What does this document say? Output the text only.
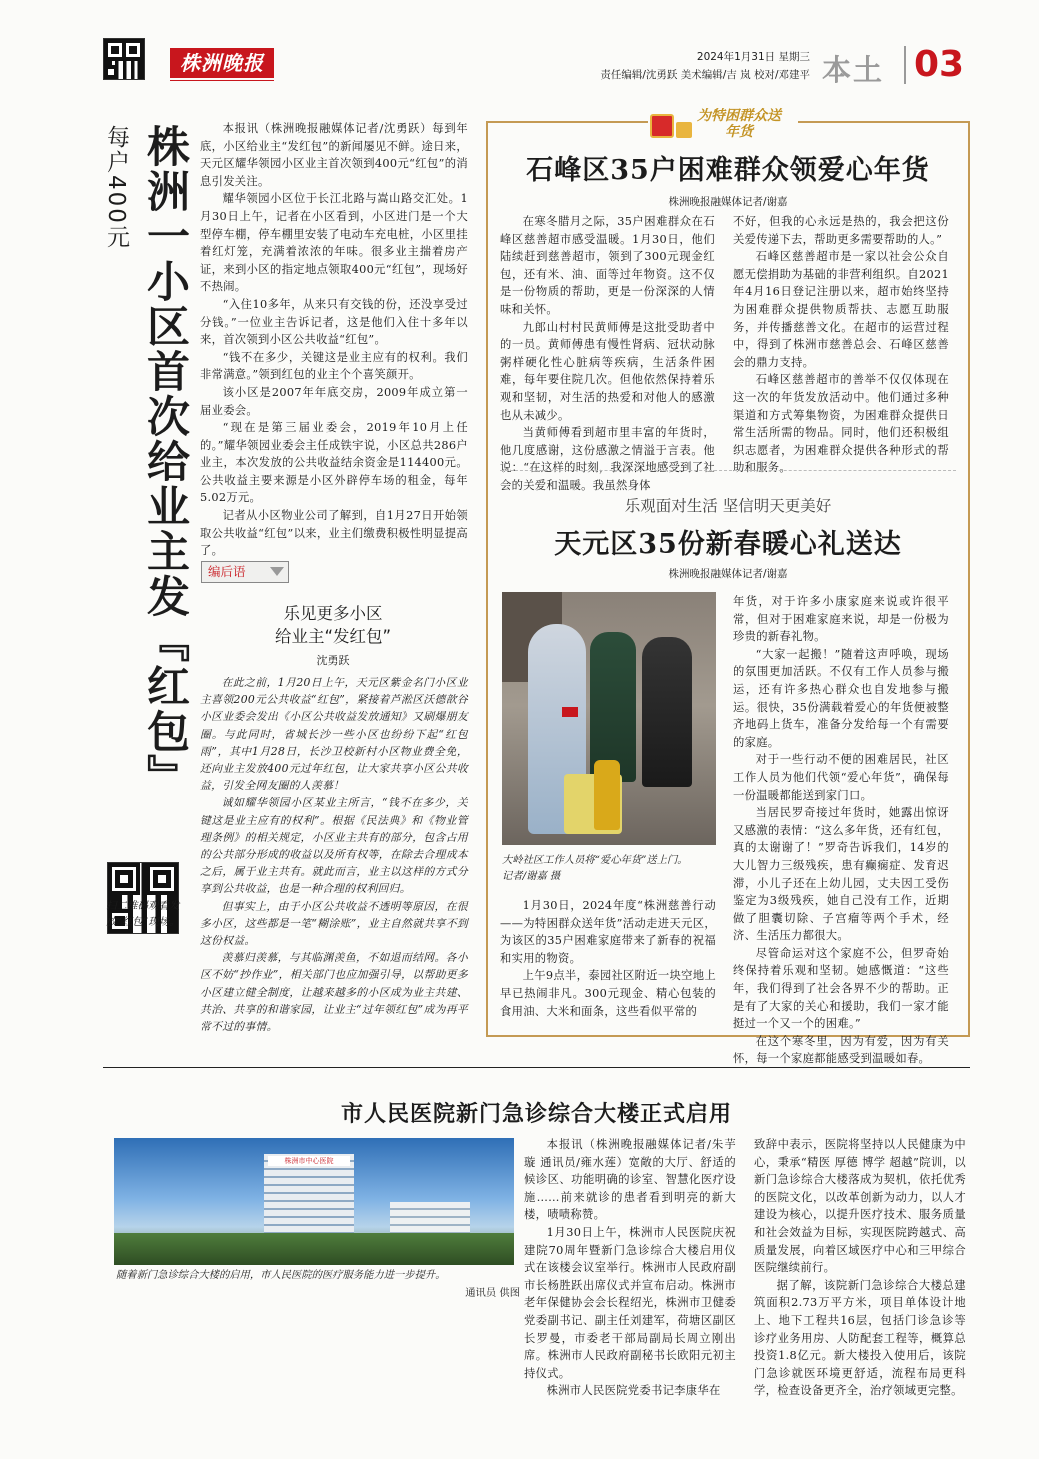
株洲晚报	2024年1月31日 星期三
责任编辑/沈勇跃 美术编辑/吉 岚 校对/邓建平 本土 03
每户400元 株洲一小区首次给业主发『红包』	本报讯（株洲晚报融媒体记者/沈勇跃）每到年底，小区给业主“发红包”的新闻屡见不鲜。途日来，天元区耀华领园小区业主首次领到400元“红包”的消息引发关注。

耀华领园小区位于长江北路与嵩山路交汇处。1月30日上午，记者在小区看到，小区进门是一个大型停车棚，停车棚里安装了电动车充电桩，小区里挂着红灯笼，充满着浓浓的年味。很多业主揣着房产证，来到小区的指定地点领取400元“红包”，现场好不热闹。

“入住10多年，从来只有交钱的份，还没享受过分钱。”一位业主告诉记者，这是他们入住十多年以来，首次领到小区公共收益“红包”。

“钱不在多少，关键这是业主应有的权利。我们非常满意。”领到红包的业主个个喜笑颜开。

该小区是2007年年底交房，2009年成立第一届业委会。

“现在是第三届业委会，2019年10月上任的。”耀华领园业委会主任成铁宇说，小区总共286户业主，本次发放的公共收益结余资金是114400元。公共收益主要来源是小区外辟停车场的租金，每年5.02万元。

记者从小区物业公司了解到，自1月27日开始领取公共收益“红包”以来，业主们缴费积极性明显提高了。

编后语
乐见更多小区
给业主“发红包”
沈勇跃

在此之前，1月20日上午，天元区紫金名门小区业主喜领200元公共收益“红包”，紧接着芦淞区沃德歆谷小区业委会发出《小区公共收益发放通知》又刷爆朋友圈。与此同时，省城长沙一些小区也纷纷下起“红包雨”，其中1月28日，长沙卫校新村小区物业费全免，还向业主发放400元过年红包，让大家共享小区公共收益，引发全网友圈的人羡慕！

诚如耀华领园小区某业主所言，“钱不在多少，关键这是业主应有的权利”。根据《民法典》和《物业管理条例》的相关规定，小区业主共有的部分，包含占用的公共部分形成的收益以及所有权等，在除去合理成本之后，属于业主共有。就此而言，业主以这样的方式分享到公共收益，也是一种合理的权利回归。

但事实上，由于小区公共收益不透明等原因，在很多小区，这些都是一笔“糊涂账”，业主自然就共享不到这份权益。

羡慕归羡慕，与其临渊羡鱼，不如退而结网。各小区不妨“抄作业”，相关部门也应加强引导，以帮助更多小区建立健全制度，让越来越多的小区成为业主共建、共治、共享的和谐家园，让业主“过年领红包”成为再平常不过的事情。

扫二维码观看发放“红包”现场。
为特困群众送年货
石峰区35户困难群众领爱心年货
株洲晚报融媒体记者/谢嘉

在寒冬腊月之际，35户困难群众在石峰区慈善超市感受温暖。1月30日，他们陆续赶到慈善超市，领到了300元现金红包，还有米、油、面等过年物资。这不仅是一份物质的帮助，更是一份深深的人情味和关怀。

九郎山村村民黄师傅是这批受助者中的一员。黄师傅患有慢性肾病、冠状动脉粥样硬化性心脏病等疾病，生活条件困难，每年要住院几次。但他依然保持着乐观和坚韧，对生活的热爱和对他人的感激也从未减少。

当黄师傅看到超市里丰富的年货时，他几度感谢，这份感激之情溢于言表。他说：“在这样的时刻，我深深地感受到了社会的关爱和温暖。我虽然身体

不好，但我的心永远是热的，我会把这份关爱传递下去，帮助更多需要帮助的人。”

石峰区慈善超市是一家以社会公众自愿无偿捐助为基础的非营利组织。自2021年4月16日登记注册以来，超市始终坚持为困难群众提供物质帮扶、志愿互助服务，并传播慈善文化。在超市的运营过程中，得到了株洲市慈善总会、石峰区慈善会的鼎力支持。

石峰区慈善超市的善举不仅仅体现在这一次的年货发放活动中。他们通过多种渠道和方式筹集物资，为困难群众提供日常生活所需的物品。同时，他们还积极组织志愿者，为困难群众提供各种形式的帮助和服务。

乐观面对生活 坚信明天更美好
天元区35份新春暖心礼送达
株洲晚报融媒体记者/谢嘉
大岭社区工作人员将“爱心年货”送上门。　　　　　　　记者/谢嘉 摄

1月30日，2024年度“株洲慈善行动——为特困群众送年货”活动走进天元区，为该区的35户困难家庭带来了新春的祝福和实用的物资。

上午9点半，泰园社区附近一块空地上早已热闹非凡。300元现金、精心包装的食用油、大米和面条，这些看似平常的

年货，对于许多小康家庭来说或许很平常，但对于困难家庭来说，却是一份极为珍贵的新春礼物。

“大家一起搬！”随着这声呼唤，现场的氛围更加活跃。不仅有工作人员参与搬运，还有许多热心群众也自发地参与搬运。很快，35份满载着爱心的年货便被整齐地码上货车，准备分发给每一个有需要的家庭。

对于一些行动不便的困难居民，社区工作人员为他们代领“爱心年货”，确保每一份温暖都能送到家门口。

当居民罗奇接过年货时，她露出惊讶又感激的表情：“这么多年货，还有红包，真的太谢谢了！”罗奇告诉我们，14岁的大儿智力三级残疾，患有癫痫症、发育迟滞，小儿子还在上幼儿园，丈夫因工受伤鉴定为3级残疾，她自己没有工作，近期做了胆囊切除、子宫瘤等两个手术，经济、生活压力都很大。

尽管命运对这个家庭不公，但罗奇始终保持着乐观和坚韧。她感慨道：“这些年，我们得到了社会各界不少的帮助。正是有了大家的关心和援助，我们一家才能挺过一个又一个的困难。”

在这个寒冬里，因为有爱，因为有关怀，每一个家庭都能感受到温暖如春。

市人民医院新门急诊综合大楼正式启用
株洲市中心医院
随着新门急诊综合大楼的启用，市人民医院的医疗服务能力进一步提升。
通讯员 供图

本报讯（株洲晚报融媒体记者/朱芋璇 通讯员/雍水莲）宽敞的大厅、舒适的候诊区、功能明确的诊室、智慧化医疗设施……前来就诊的患者看到明亮的新大楼，啧啧称赞。

1月30日上午，株洲市人民医院庆祝建院70周年暨新门急诊综合大楼启用仪式在该楼会议室举行。株洲市人民政府副市长杨胜跃出席仪式并宣布启动。株洲市老年保健协会会长程绍光，株洲市卫健委党委副书记、副主任刘建军，荷塘区副区长罗曼，市委老干部局副局长周立刚出席。株洲市人民政府副秘书长欧阳元初主持仪式。

株洲市人民医院党委书记李康华在

致辞中表示，医院将坚持以人民健康为中心，秉承“精医 厚德 博学 超越”院训，以新门急诊综合大楼落成为契机，依托优秀的医院文化，以改革创新为动力，以人才建设为核心，以提升医疗技术、服务质量和社会效益为目标，实现医院跨越式、高质量发展，向着区域医疗中心和三甲综合医院继续前行。

据了解，该院新门急诊综合大楼总建筑面积2.73万平方米，项目单体设计地上、地下工程共16层，包括门诊急诊等诊疗业务用房、人防配套工程等，概算总投资1.8亿元。新大楼投入使用后，该院门急诊就医环境更舒适，流程布局更科学，检查设备更齐全，治疗领域更完整。
